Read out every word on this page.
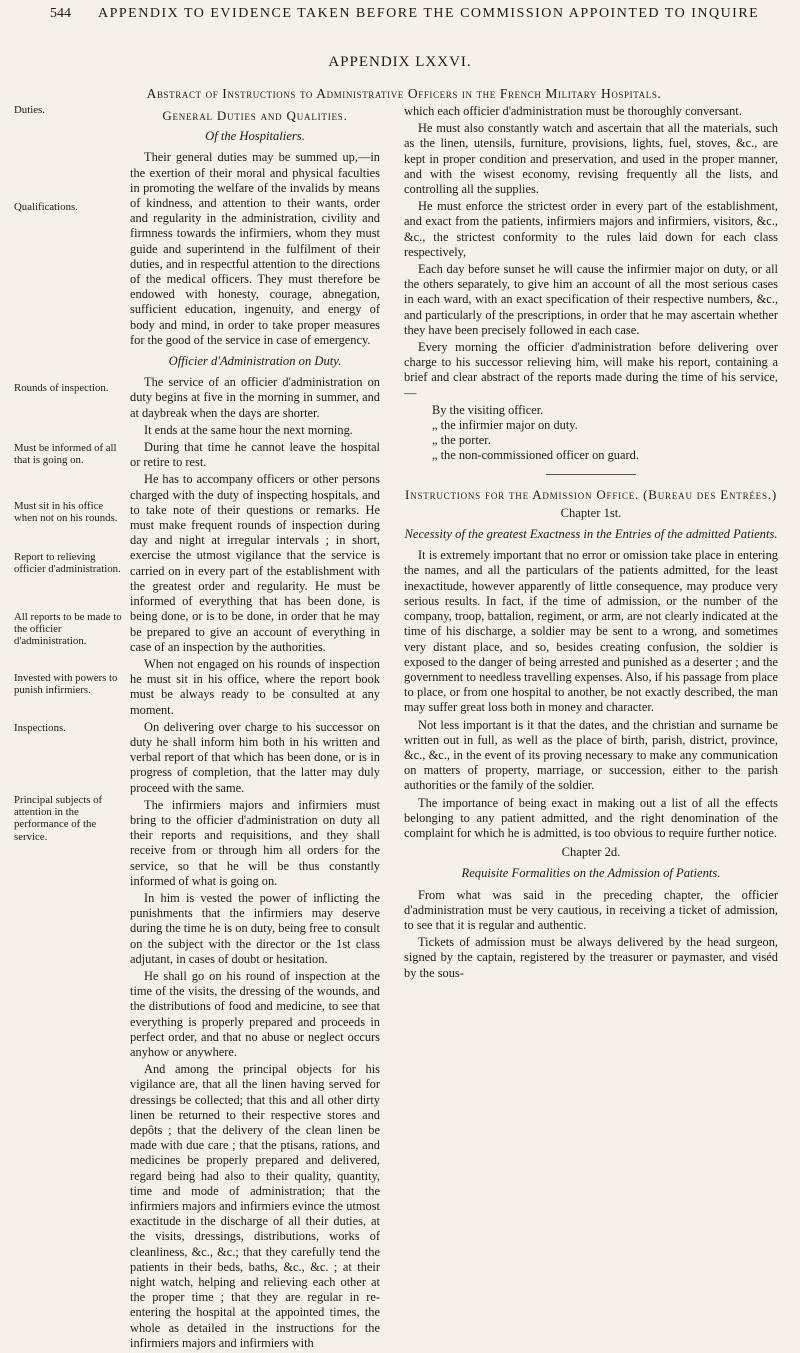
544 APPENDIX TO EVIDENCE TAKEN BEFORE THE COMMISSION APPOINTED TO INQUIRE
APPENDIX LXXVI.
Abstract of Instructions to Administrative Officers in the French Military Hospitals.
Duties.
Qualifications.
Rounds of inspection.
Must be informed of all that is going on.
Must sit in his office when not on his rounds.
Report to relieving officier d'administration.
All reports to be made to the officier d'administration.
Invested with powers to punish infirmiers.
Inspections.
Principal subjects of attention in the performance of the service.
General Duties and Qualities.
Of the Hospitaliers.

Their general duties may be summed up,—in the exertion of their moral and physical faculties in promoting the welfare of the invalids by means of kindness, and attention to their wants, order and regularity in the administration, civility and firmness towards the infirmiers, whom they must guide and superintend in the fulfilment of their duties, and in respectful attention to the directions of the medical officers. They must therefore be endowed with honesty, courage, abnegation, sufficient education, ingenuity, and energy of body and mind, in order to take proper measures for the good of the service in case of emergency.

Officier d'Administration on Duty.

The service of an officier d'administration on duty begins at five in the morning in summer, and at daybreak when the days are shorter.

It ends at the same hour the next morning.

During that time he cannot leave the hospital or retire to rest.

He has to accompany officers or other persons charged with the duty of inspecting hospitals, and to take note of their questions or remarks. He must make frequent rounds of inspection during day and night at irregular intervals ; in short, exercise the utmost vigilance that the service is carried on in every part of the establishment with the greatest order and regularity. He must be informed of everything that has been done, is being done, or is to be done, in order that he may be prepared to give an account of everything in case of an inspection by the authorities.

When not engaged on his rounds of inspection he must sit in his office, where the report book must be always ready to be consulted at any moment.

On delivering over charge to his successor on duty he shall inform him both in his written and verbal report of that which has been done, or is in progress of completion, that the latter may duly proceed with the same.

The infirmiers majors and infirmiers must bring to the officier d'administration on duty all their reports and requisitions, and they shall receive from or through him all orders for the service, so that he will be thus constantly informed of what is going on.

In him is vested the power of inflicting the punishments that the infirmiers may deserve during the time he is on duty, being free to consult on the subject with the director or the 1st class adjutant, in cases of doubt or hesitation.

He shall go on his round of inspection at the time of the visits, the dressing of the wounds, and the distributions of food and medicine, to see that everything is properly prepared and proceeds in perfect order, and that no abuse or neglect occurs anyhow or anywhere.

And among the principal objects for his vigilance are, that all the linen having served for dressings be collected; that this and all other dirty linen be returned to their respective stores and depôts ; that the delivery of the clean linen be made with due care ; that the ptisans, rations, and medicines be properly prepared and delivered, regard being had also to their quality, quantity, time and mode of administration; that the infirmiers majors and infirmiers evince the utmost exactitude in the discharge of all their duties, at the visits, dressings, distributions, works of cleanliness, &c., &c.; that they carefully tend the patients in their beds, baths, &c., &c. ; at their night watch, helping and relieving each other at the proper time ; that they are regular in re-entering the hospital at the appointed times, the whole as detailed in the instructions for the infirmiers majors and infirmiers with

which each officier d'administration must be thoroughly conversant.

He must also constantly watch and ascertain that all the materials, such as the linen, utensils, furniture, provisions, lights, fuel, stoves, &c., are kept in proper condition and preservation, and used in the proper manner, and with the wisest economy, revising frequently all the lists, and controlling all the supplies.

He must enforce the strictest order in every part of the establishment, and exact from the patients, infirmiers majors and infirmiers, visitors, &c., &c., the strictest conformity to the rules laid down for each class respectively,

Each day before sunset he will cause the infirmier major on duty, or all the others separately, to give him an account of all the most serious cases in each ward, with an exact specification of their respective numbers, &c., and particularly of the prescriptions, in order that he may ascertain whether they have been precisely followed in each case.

Every morning the officier d'administration before delivering over charge to his successor relieving him, will make his report, containing a brief and clear abstract of the reports made during the time of his service,—

By the visiting officer.
„ the infirmier major on duty.
„ the porter.
„ the non-commissioned officer on guard.
Instructions for the Admission Office. (Bureau des Entrées.)
Chapter 1st.
Necessity of the greatest Exactness in the Entries of the admitted Patients.

It is extremely important that no error or omission take place in entering the names, and all the particulars of the patients admitted, for the least inexactitude, however apparently of little consequence, may produce very serious results. In fact, if the time of admission, or the number of the company, troop, battalion, regiment, or arm, are not clearly indicated at the time of his discharge, a soldier may be sent to a wrong, and sometimes very distant place, and so, besides creating confusion, the soldier is exposed to the danger of being arrested and punished as a deserter ; and the government to needless travelling expenses. Also, if his passage from place to place, or from one hospital to another, be not exactly described, the man may suffer great loss both in money and character.

Not less important is it that the dates, and the christian and surname be written out in full, as well as the place of birth, parish, district, province, &c., &c., in the event of its proving necessary to make any communication on matters of property, marriage, or succession, either to the parish authorities or the family of the soldier.

The importance of being exact in making out a list of all the effects belonging to any patient admitted, and the right denomination of the complaint for which he is admitted, is too obvious to require further notice.

Chapter 2d.
Requisite Formalities on the Admission of Patients.

From what was said in the preceding chapter, the officier d'administration must be very cautious, in receiving a ticket of admission, to see that it is regular and authentic.

Tickets of admission must be always delivered by the head surgeon, signed by the captain, registered by the treasurer or paymaster, and viséd by the sous-
